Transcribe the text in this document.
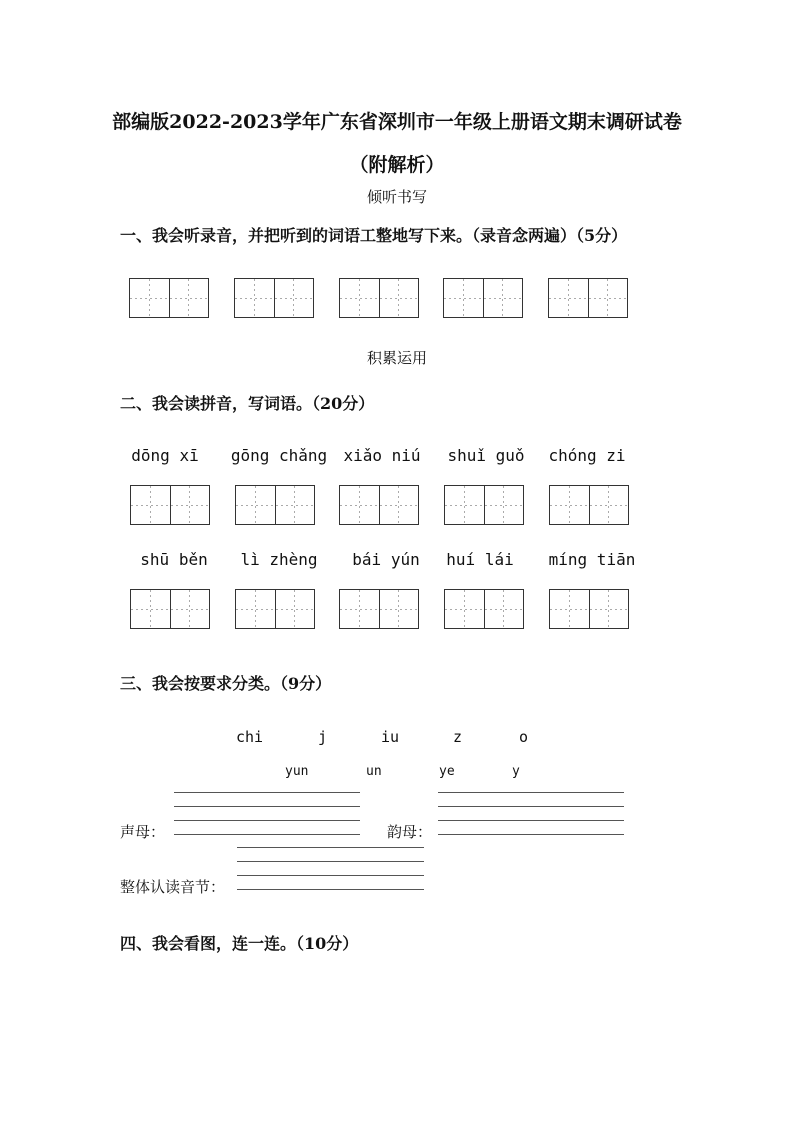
部编版2022-2023学年广东省深圳市一年级上册语文期末调研试卷
（附解析）
倾听书写
一、我会听录音，并把听到的词语工整地写下来。（录音念两遍）（5分）
积累运用
二、我会读拼音，写词语。（20分）
dōng xī	gōng chǎng	xiǎo niú	shuǐ guǒ	chóng zi
shū běn	lì zhèng	bái yún	huí lái	míng tiān
三、我会按要求分类。（9分）
chi	j	iu	z	o
yun	un	ye	y
声母：	韵母：
整体认读音节：
四、我会看图，连一连。（10分）
